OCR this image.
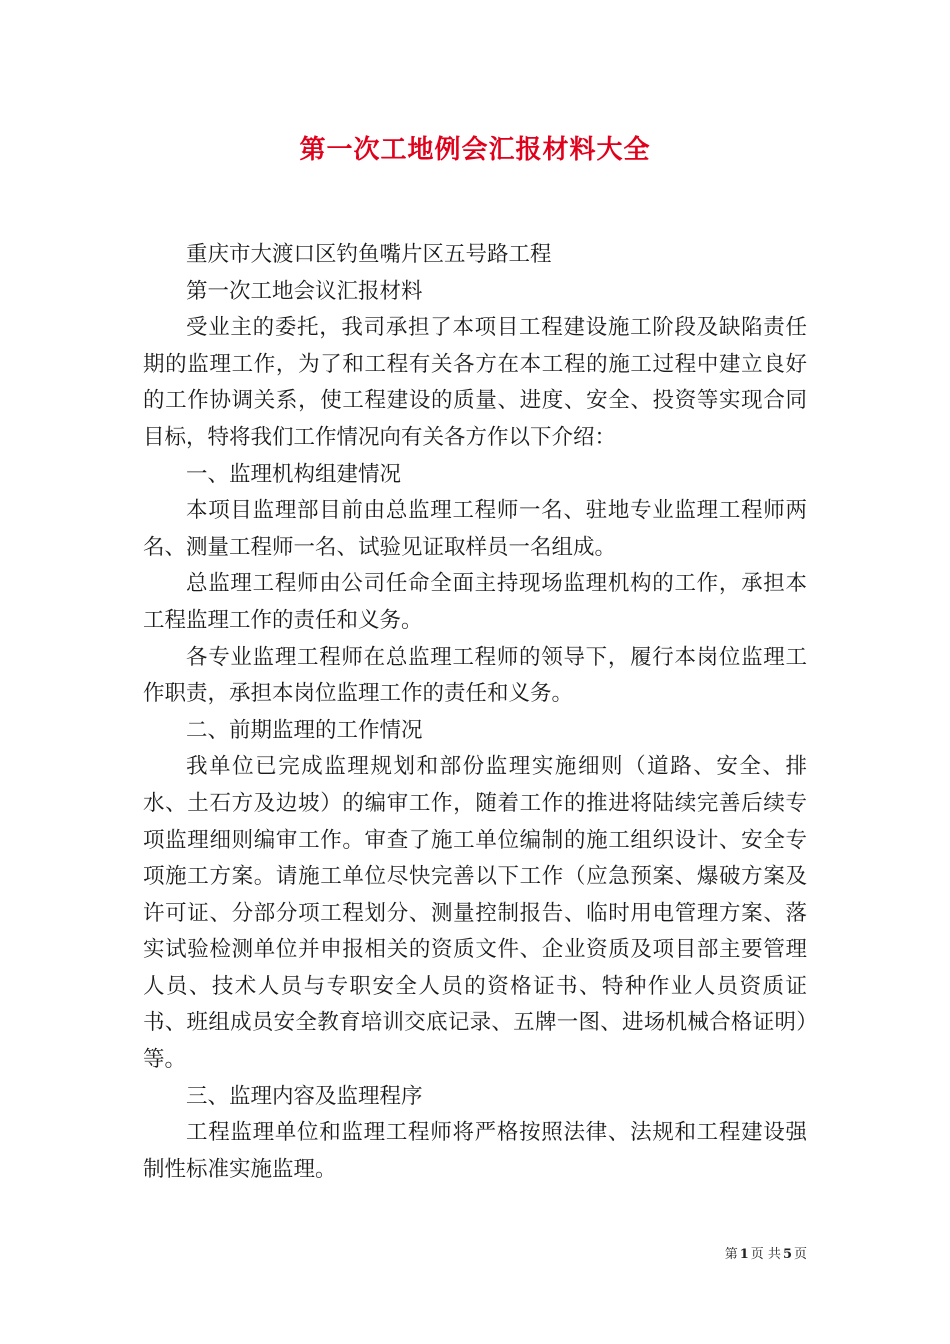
第一次工地例会汇报材料大全

重庆市大渡口区钓鱼嘴片区五号路工程

第一次工地会议汇报材料

受业主的委托，我司承担了本项目工程建设施工阶段及缺陷责任期的监理工作，为了和工程有关各方在本工程的施工过程中建立良好的工作协调关系，使工程建设的质量、进度、安全、投资等实现合同目标，特将我们工作情况向有关各方作以下介绍：

一、监理机构组建情况

本项目监理部目前由总监理工程师一名、驻地专业监理工程师两名、测量工程师一名、试验见证取样员一名组成。

总监理工程师由公司任命全面主持现场监理机构的工作，承担本工程监理工作的责任和义务。

各专业监理工程师在总监理工程师的领导下，履行本岗位监理工作职责，承担本岗位监理工作的责任和义务。

二、前期监理的工作情况

我单位已完成监理规划和部份监理实施细则（道路、安全、排水、土石方及边坡）的编审工作，随着工作的推进将陆续完善后续专项监理细则编审工作。审查了施工单位编制的施工组织设计、安全专项施工方案。请施工单位尽快完善以下工作（应急预案、爆破方案及许可证、分部分项工程划分、测量控制报告、临时用电管理方案、落实试验检测单位并申报相关的资质文件、企业资质及项目部主要管理人员、技术人员与专职安全人员的资格证书、特种作业人员资质证书、班组成员安全教育培训交底记录、五牌一图、进场机械合格证明）等。

三、监理内容及监理程序

工程监理单位和监理工程师将严格按照法律、法规和工程建设强制性标准实施监理。

第 1 页 共 5 页
